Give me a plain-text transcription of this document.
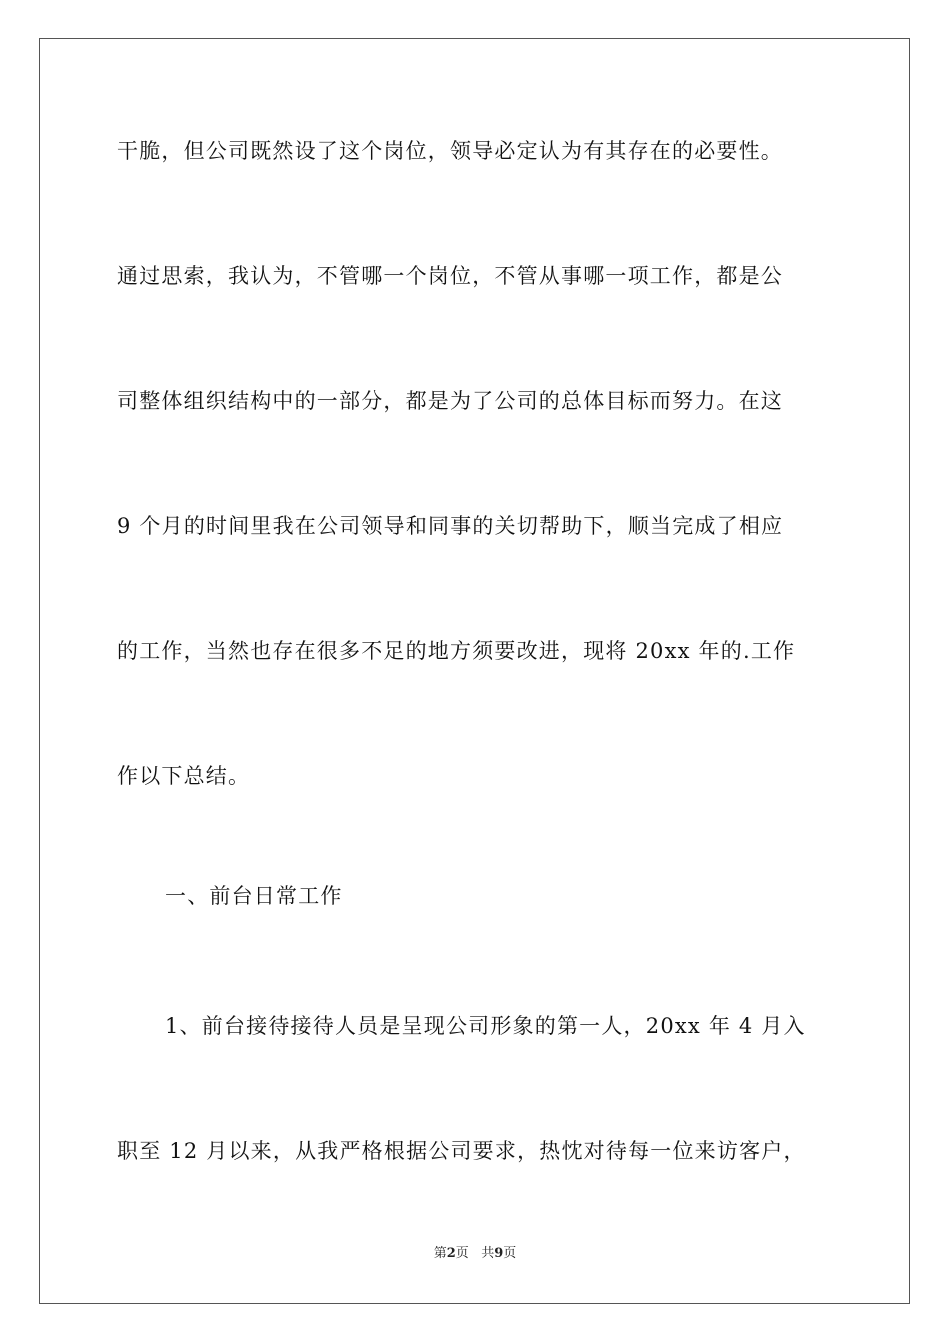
干脆，但公司既然设了这个岗位，领导必定认为有其存在的必要性。
通过思索，我认为，不管哪一个岗位，不管从事哪一项工作，都是公
司整体组织结构中的一部分，都是为了公司的总体目标而努力。在这
9 个月的时间里我在公司领导和同事的关切帮助下，顺当完成了相应
的工作，当然也存在很多不足的地方须要改进，现将 20xx 年的.工作
作以下总结。
一、前台日常工作
1、前台接待接待人员是呈现公司形象的第一人，20xx 年 4 月入
职至 12 月以来，从我严格根据公司要求，热忱对待每一位来访客户，
第2页 共9页
